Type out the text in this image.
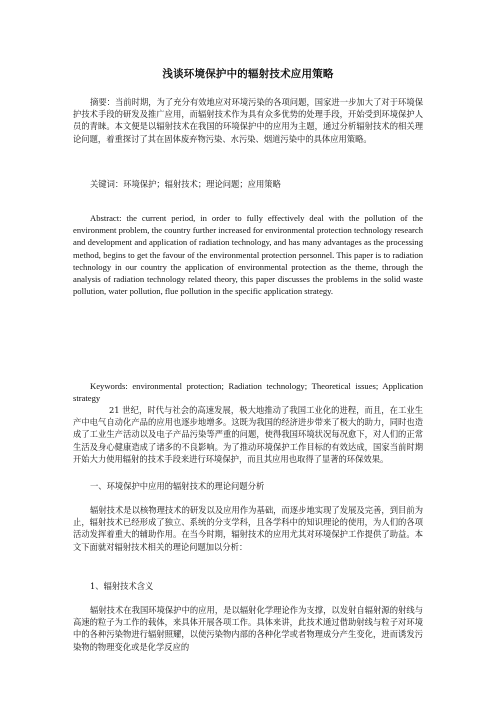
浅谈环境保护中的辐射技术应用策略

摘要：当前时期，为了充分有效地应对环境污染的各项问题，国家进一步加大了对于环境保护技术手段的研发及推广应用，而辐射技术作为具有众多优势的处理手段，开始受到环境保护人员的青睐。本文便是以辐射技术在我国的环境保护中的应用为主题，通过分析辐射技术的相关理论问题，着重探讨了其在固体废弃物污染、水污染、烟道污染中的具体应用策略。

关键词：环境保护；辐射技术；理论问题；应用策略

Abstract: the current period, in order to fully effectively deal with the pollution of the environment problem, the country further increased for environmental protection technology research and development and application of radiation technology, and has many advantages as the processing method, begins to get the favour of the environmental protection personnel. This paper is to radiation technology in our country the application of environmental protection as the theme, through the analysis of radiation technology related theory, this paper discusses the problems in the solid waste pollution, water pollution, flue pollution in the specific application strategy.

Keywords: environmental protection; Radiation technology; Theoretical issues; Application strategy

21 世纪，时代与社会的高速发展，极大地推动了我国工业化的进程，而且，在工业生产中电气自动化产品的应用也逐步地增多。这既为我国的经济进步带来了极大的助力，同时也造成了工业生产活动以及电子产品污染等严重的问题，使得我国环境状况每况愈下，对人们的正常生活及身心健康造成了诸多的不良影响。为了推动环境保护工作目标的有效达成，国家当前时期开始大力使用辐射的技术手段来进行环境保护，而且其应用也取得了显著的环保效果。

一、环境保护中应用的辐射技术的理论问题分析

辐射技术是以核物理技术的研发以及应用作为基础，而逐步地实现了发展及完善，到目前为止，辐射技术已经形成了独立、系统的分支学科，且各学科中的知识理论的使用，为人们的各项活动发挥着重大的辅助作用。在当今时期，辐射技术的应用尤其对环境保护工作提供了助益。本文下面就对辐射技术相关的理论问题加以分析：

1、辐射技术含义

辐射技术在我国环境保护中的应用，是以辐射化学理论作为支撑，以发射自辐射源的射线与高速的粒子为工作的载体，来具体开展各项工作。具体来讲，此技术通过借助射线与粒子对环境中的各种污染物进行辐射照耀，以使污染物内部的各种化学或者物理成分产生变化，进而诱发污染物的物理变化或是化学反应的
